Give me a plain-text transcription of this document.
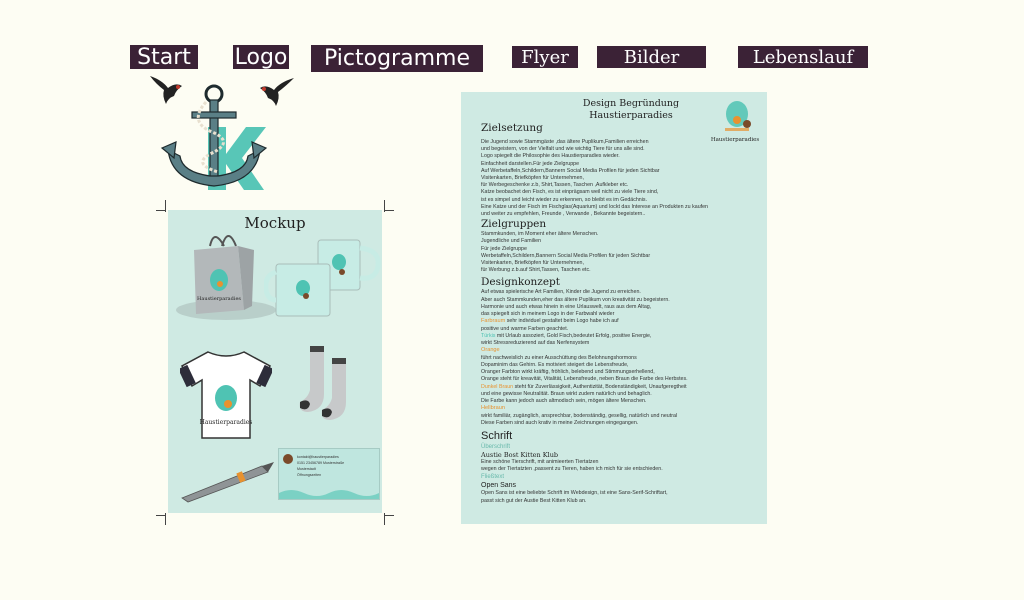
Start	Logo	Pictogramme	Flyer	Bilder	Lebenslauf
Mockup
Haustierparadies
Haustierparadies
kontakt@haustierparadies
0151 23456789 Musterstraße
Musterstadt
Öffnungszeiten
Design Begründung
Haustierparadies
Haustierparadies
Zielsetzung

Die Jugend sowie Stammgäste ,das ältere Puplikum,Familien erreichen

und begeistern, von der Vielfalt und wie wichtig Tiere für uns alle sind.

Logo spiegelt die Philosophie des Haustierparadies wieder.

Einfachheit darstellen.Für jede Zielgruppe

Auf Werbetaffeln,Schildern,Bannern Social Media Profilen für jeden Sichtbar

Visitenkarten, Briefköpfen für Unternehmen,

für Werbegeschenke z.b, Shirt,Tassen, Taschen ,Aufkleber etc.

Katze beobachet den Fisch, es ist einprägsam weil nicht zu viele Tiere sind,

ist es simpel und leicht wieder zu erkennen, so bleibt es im Gedächnis.

Eine Katze und der Fisch im Fischglas(Aquarium) und lockt das Interese an Produkten zu kaufen

und weiter zu empfehlen, Freunde , Verwande , Bekannte begeistern..

Zielgruppen

Stammkunden, im Moment eher ältere Menschen.

Jugendliche und Familien

Für jede Zielgruppe

Werbetaffeln,Schildern,Bannern Social Media Profilen für jeden Sichtbar

Visitenkarten, Briefköpfen für Unternehmen,

für Werbung z.b.auf Shirt,Tassen, Taschen etc.

Designkonzept

Auf etwas spielerische Art Familien, Kinder die Jugend zu erreichen.

Aber auch Stammkunden,eher das ältere Puplikum von kreativität zu begeistern.

Harmonie und auch etwas hinein in eine Urlauswelt, raus aus dem Altag,

das spiegelt sich in meinem Logo in der Farbwahl wieder

Farbraum sehr individuel gestaltet beim Logo habe ich auf

positive und warme Farben geachtet.

Türkis mit Urlaub assoziert, Gold Fisch,bedeutet Erfolg, positive Energie,

wirkt Stressreduzierend auf das Nerfensystem

Orange

führt nachweislich zu einer Ausschüttung des Belohnungshormons

Dopaminim das Gehirn. Es motiviert steigert die Lebensfreude,

Oranger Farbton wirkt kräftig, fröhlich, belebend und Stimmungserhellend,

Orange steht für kreavität, Vitalität, Lebensfreude, neben Braun die Farbe des Herbstes.

Dunkel Braun steht für Zuverlässigkeit, Authentizität, Bodenständigkeit, Unaufgeregtheit

und eine gewisse Neutralität. Braun wirkt zudem natürlich und behaglich.

Die Farbe kann jedoch auch altmodisch sein, mögen ältere Menschen.

Hellbraun

wirkt familiär, zugänglich, ansprechbar, bodenständig, gesellig, natürlich und neutral

Diese Farben sind auch krativ in meine Zeichnungen eingegangen.

Schrift

Überschrift

Austie Bost Kitten Klub

Eine schöne Tierschrift, mit animieerten Tiertatzen

wegen der Tiertatzten ,passent zu Tieren, haben ich mich für sie entschieden.

Fließtext

Open Sans

Open Sans ist eine beliebte Schrift im Webdesign, ist eine Sans-Serif-Schriftart,

passt sich gut der Austie Best Kitten Klub an.
